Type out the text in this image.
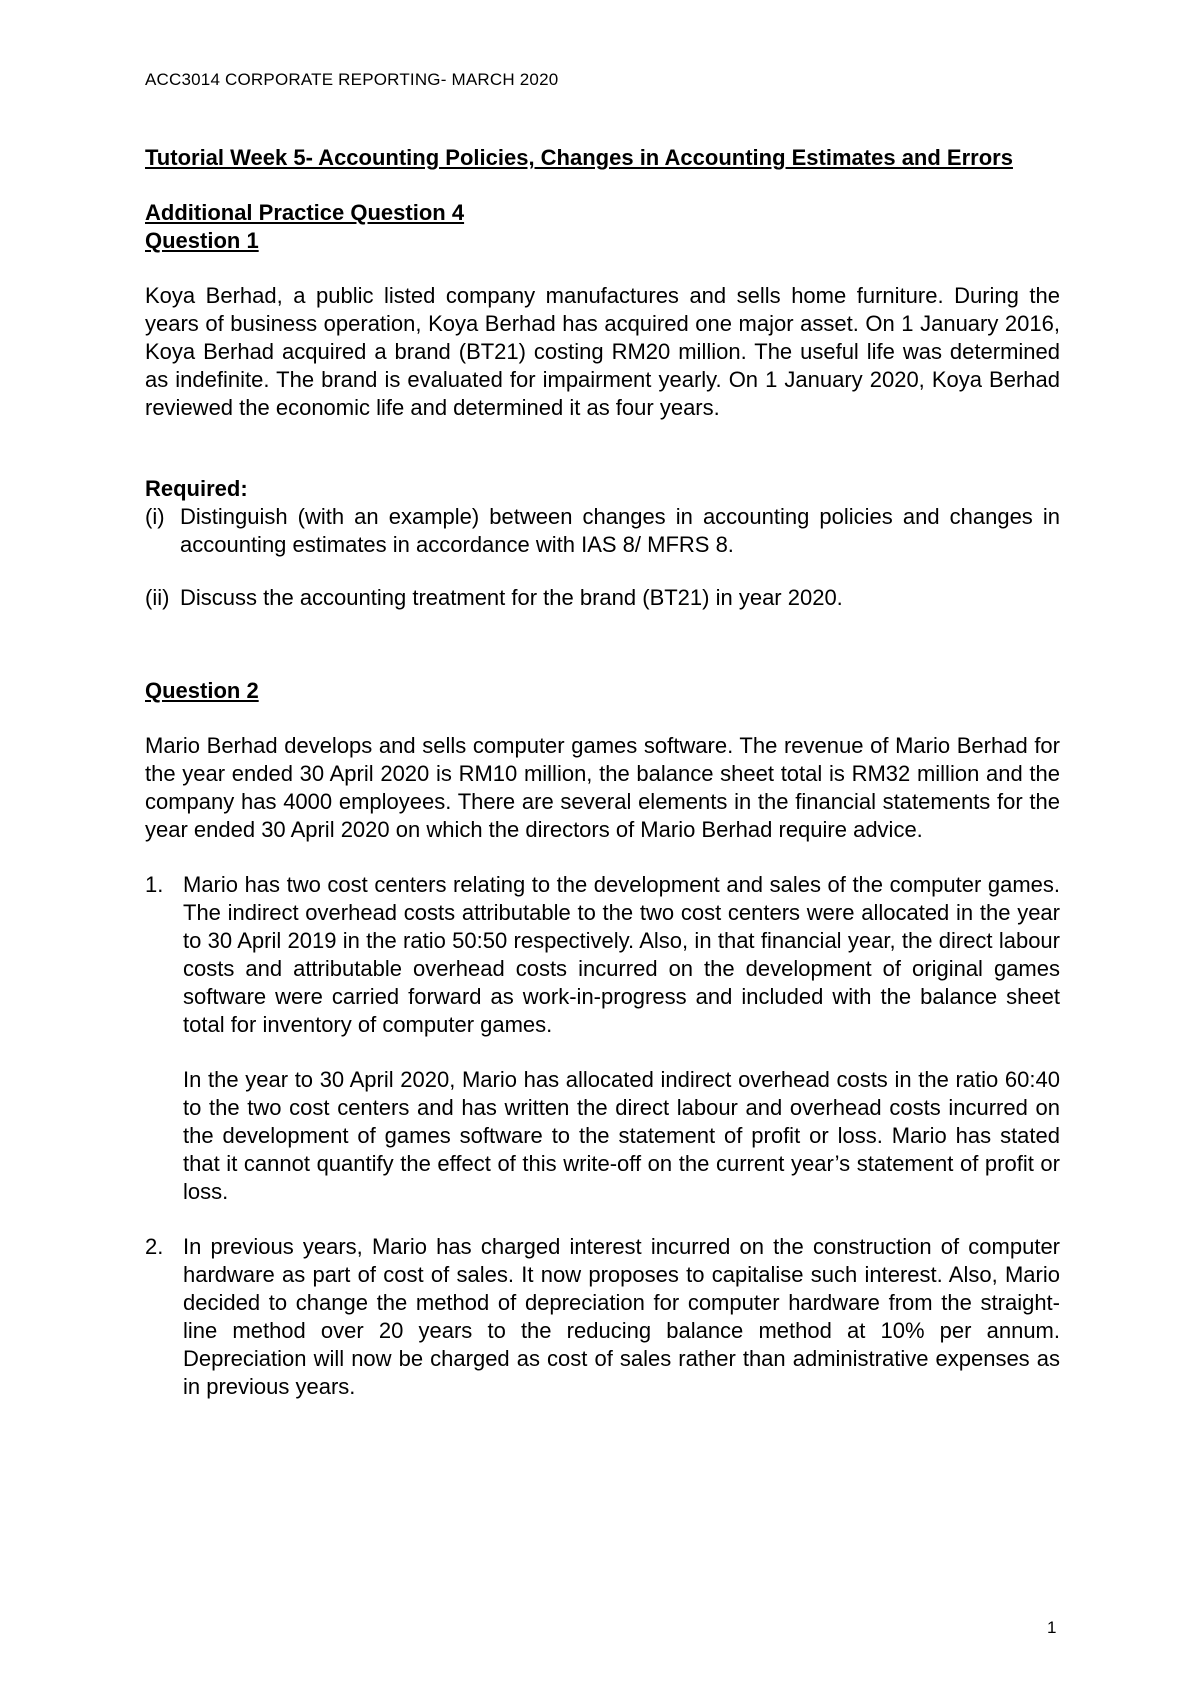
ACC3014 CORPORATE REPORTING- MARCH 2020

Tutorial Week 5- Accounting Policies, Changes in Accounting Estimates and Errors

Additional Practice Question 4

Question 1

Koya Berhad, a public listed company manufactures and sells home furniture. During the years of business operation, Koya Berhad has acquired one major asset. On 1 January 2016, Koya Berhad acquired a brand (BT21) costing RM20 million. The useful life was determined as indefinite. The brand is evaluated for impairment yearly. On 1 January 2020, Koya Berhad reviewed the economic life and determined it as four years.

Required:

(i) Distinguish (with an example) between changes in accounting policies and changes in accounting estimates in accordance with IAS 8/ MFRS 8.
(ii) Discuss the accounting treatment for the brand (BT21) in year 2020.

Question 2

Mario Berhad develops and sells computer games software. The revenue of Mario Berhad for the year ended 30 April 2020 is RM10 million, the balance sheet total is RM32 million and the company has 4000 employees. There are several elements in the financial statements for the year ended 30 April 2020 on which the directors of Mario Berhad require advice.

1. Mario has two cost centers relating to the development and sales of the computer games. The indirect overhead costs attributable to the two cost centers were allocated in the year to 30 April 2019 in the ratio 50:50 respectively. Also, in that financial year, the direct labour costs and attributable overhead costs incurred on the development of original games software were carried forward as work-in-progress and included with the balance sheet total for inventory of computer games.
In the year to 30 April 2020, Mario has allocated indirect overhead costs in the ratio 60:40 to the two cost centers and has written the direct labour and overhead costs incurred on the development of games software to the statement of profit or loss. Mario has stated that it cannot quantify the effect of this write-off on the current year’s statement of profit or loss.
2. In previous years, Mario has charged interest incurred on the construction of computer hardware as part of cost of sales. It now proposes to capitalise such interest. Also, Mario decided to change the method of depreciation for computer hardware from the straight-line method over 20 years to the reducing balance method at 10% per annum. Depreciation will now be charged as cost of sales rather than administrative expenses as in previous years.
1
